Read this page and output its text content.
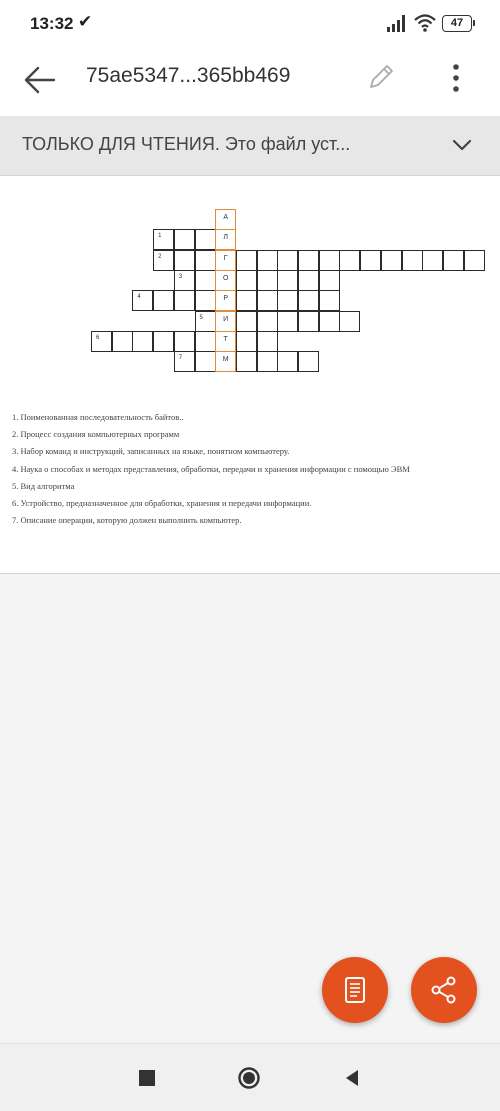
13:32 ✔	47
75ae5347...365bb469
ТОЛЬКО ДЛЯ ЧТЕНИЯ. Это файл уст...
А
1	Л
2	Г
3	О
4	Р
5	И
6	Т
7	М
1. Поименованная последовательность байтов..
2. Процесс создания компьютерных программ
3. Набор команд и инструкций, записанных на языке, понятном компьютеру.
4. Наука о способах и методах представления, обработки, передачи и хранения информации с помощью ЭВМ
5. Вид алгоритма
6. Устройство, предназначенное для обработки, хранения и передачи информации.
7. Описание операции, которую должен выполнить компьютер.
